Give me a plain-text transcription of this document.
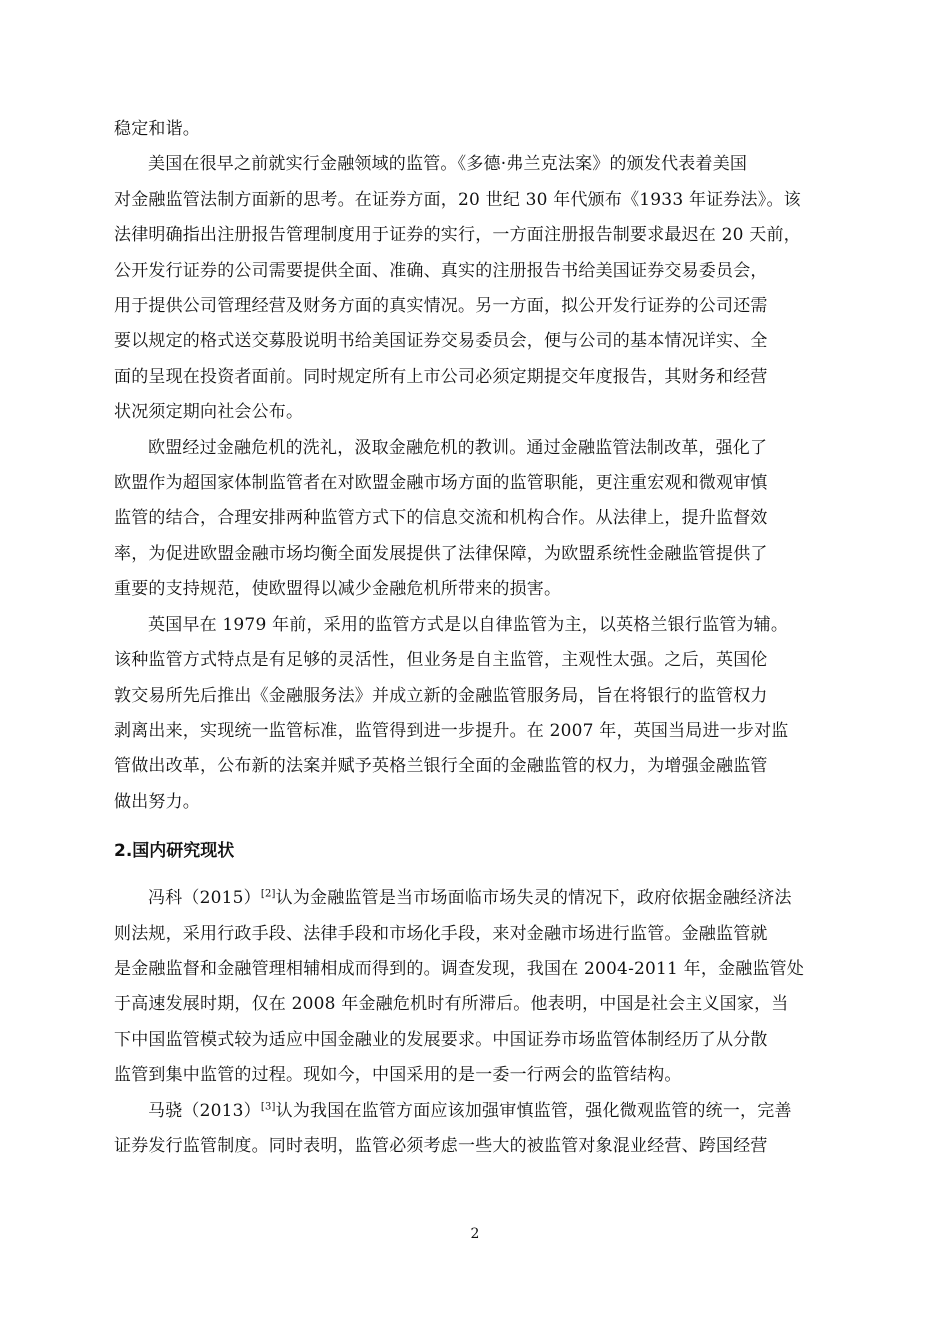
稳定和谐。

美国在很早之前就实行金融领域的监管。《多德·弗兰克法案》的颁发代表着美国
对金融监管法制方面新的思考。在证券方面，20 世纪 30 年代颁布《1933 年证券法》。该
法律明确指出注册报告管理制度用于证券的实行，一方面注册报告制要求最迟在 20 天前，
公开发行证券的公司需要提供全面、准确、真实的注册报告书给美国证券交易委员会，
用于提供公司管理经营及财务方面的真实情况。另一方面，拟公开发行证券的公司还需
要以规定的格式送交募股说明书给美国证券交易委员会，便与公司的基本情况详实、全
面的呈现在投资者面前。同时规定所有上市公司必须定期提交年度报告，其财务和经营
状况须定期向社会公布。

欧盟经过金融危机的洗礼，汲取金融危机的教训。通过金融监管法制改革，强化了
欧盟作为超国家体制监管者在对欧盟金融市场方面的监管职能，更注重宏观和微观审慎
监管的结合，合理安排两种监管方式下的信息交流和机构合作。从法律上，提升监督效
率，为促进欧盟金融市场均衡全面发展提供了法律保障，为欧盟系统性金融监管提供了
重要的支持规范，使欧盟得以减少金融危机所带来的损害。

英国早在 1979 年前，采用的监管方式是以自律监管为主，以英格兰银行监管为辅。
该种监管方式特点是有足够的灵活性，但业务是自主监管，主观性太强。之后，英国伦
敦交易所先后推出《金融服务法》并成立新的金融监管服务局，旨在将银行的监管权力
剥离出来，实现统一监管标准，监管得到进一步提升。在 2007 年，英国当局进一步对监
管做出改革，公布新的法案并赋予英格兰银行全面的金融监管的权力，为增强金融监管
做出努力。

2.国内研究现状

冯科（2015）[2]认为金融监管是当市场面临市场失灵的情况下，政府依据金融经济法
则法规，采用行政手段、法律手段和市场化手段，来对金融市场进行监管。金融监管就
是金融监督和金融管理相辅相成而得到的。调查发现，我国在 2004-2011 年，金融监管处
于高速发展时期，仅在 2008 年金融危机时有所滞后。他表明，中国是社会主义国家，当
下中国监管模式较为适应中国金融业的发展要求。中国证券市场监管体制经历了从分散
监管到集中监管的过程。现如今，中国采用的是一委一行两会的监管结构。

马骁（2013）[3]认为我国在监管方面应该加强审慎监管，强化微观监管的统一，完善
证券发行监管制度。同时表明，监管必须考虑一些大的被监管对象混业经营、跨国经营

2
